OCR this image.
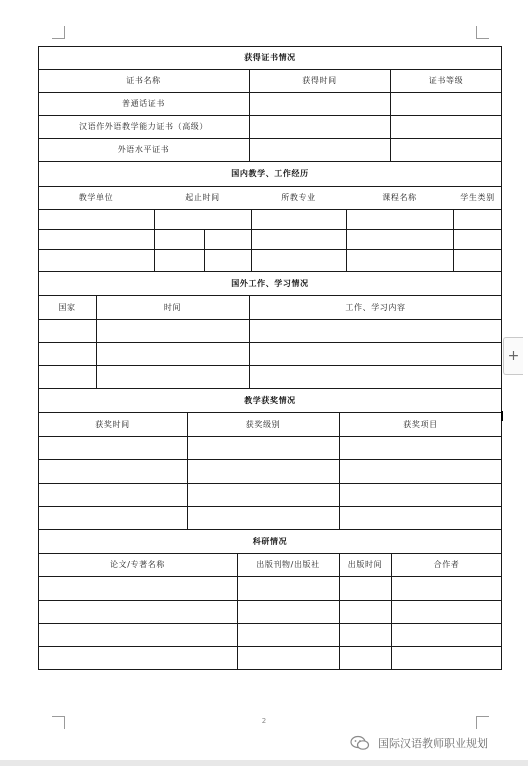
获得证书情况
证书名称	获得时间	证书等级
普通话证书
汉语作外语教学能力证书（高级）
外语水平证书
国内教学、工作经历
教学单位	起止时间	所教专业	课程名称	学生类别
国外工作、学习情况
国家	时间	工作、学习内容
教学获奖情况
获奖时间	获奖级别	获奖项目
科研情况
论文/专著名称	出版刊物/出版社	出版时间	合作者
2
+
国际汉语教师职业规划
